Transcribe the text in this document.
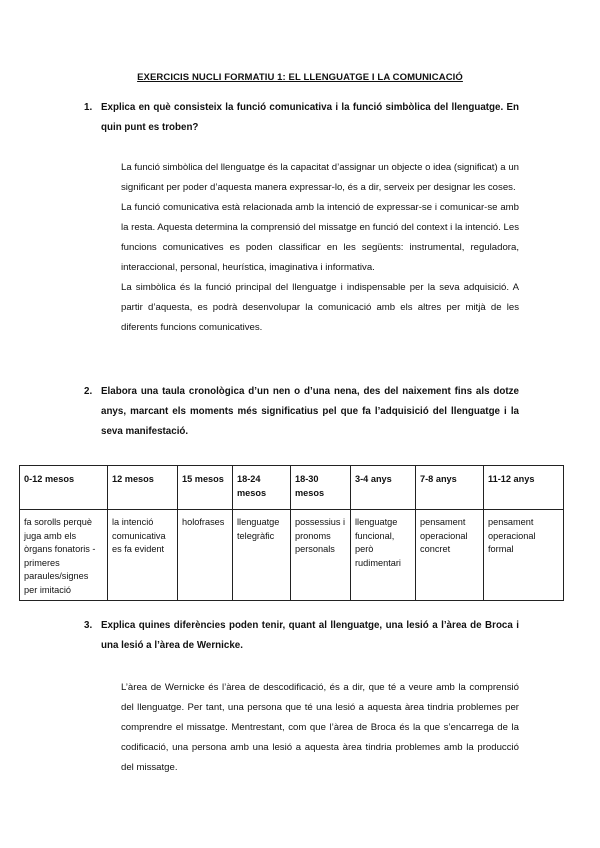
EXERCICIS NUCLI FORMATIU 1: EL LLENGUATGE I LA COMUNICACIÓ
1. Explica en què consisteix la funció comunicativa i la funció simbòlica del llenguatge. En quin punt es troben?

La funció simbòlica del llenguatge és la capacitat d’assignar un objecte o idea (significat) a un significant per poder d’aquesta manera expressar-lo, és a dir, serveix per designar les coses.

La funció comunicativa està relacionada amb la intenció de expressar-se i comunicar-se amb la resta. Aquesta determina la comprensió del missatge en funció del context i la intenció. Les funcions comunicatives es poden classificar en les següents: instrumental, reguladora, interaccional, personal, heurística, imaginativa i informativa.

La simbòlica és la funció principal del llenguatge i indispensable per la seva adquisició. A partir d’aquesta, es podrà desenvolupar la comunicació amb els altres per mitjà de les diferents funcions comunicatives.

2. Elabora una taula cronològica d’un nen o d’una nena, des del naixement fins als dotze anys, marcant els moments més significatius pel que fa l’adquisició del llenguatge i la seva manifestació.
0-12 mesos	12 mesos	15 mesos	18-24 mesos	18-30 mesos	3-4 anys	7-8 anys	11-12 anys
fa sorolls perquè juga amb els òrgans fonatoris - primeres paraules/signes per imitació	la intenció comunicativa es fa evident	holofrases	llenguatge telegràfic	possessius i pronoms personals	llenguatge funcional, però rudimentari	pensament operacional concret	pensament operacional formal
3. Explica quines diferències poden tenir, quant al llenguatge, una lesió a l’àrea de Broca i una lesió a l’àrea de Wernicke.

L’àrea de Wernicke és l’àrea de descodificació, és a dir, que té a veure amb la comprensió del llenguatge. Per tant, una persona que té una lesió a aquesta àrea tindria problemes per comprendre el missatge. Mentrestant, com que l’àrea de Broca és la que s’encarrega de la codificació, una persona amb una lesió a aquesta àrea tindria problemes amb la producció del missatge.
